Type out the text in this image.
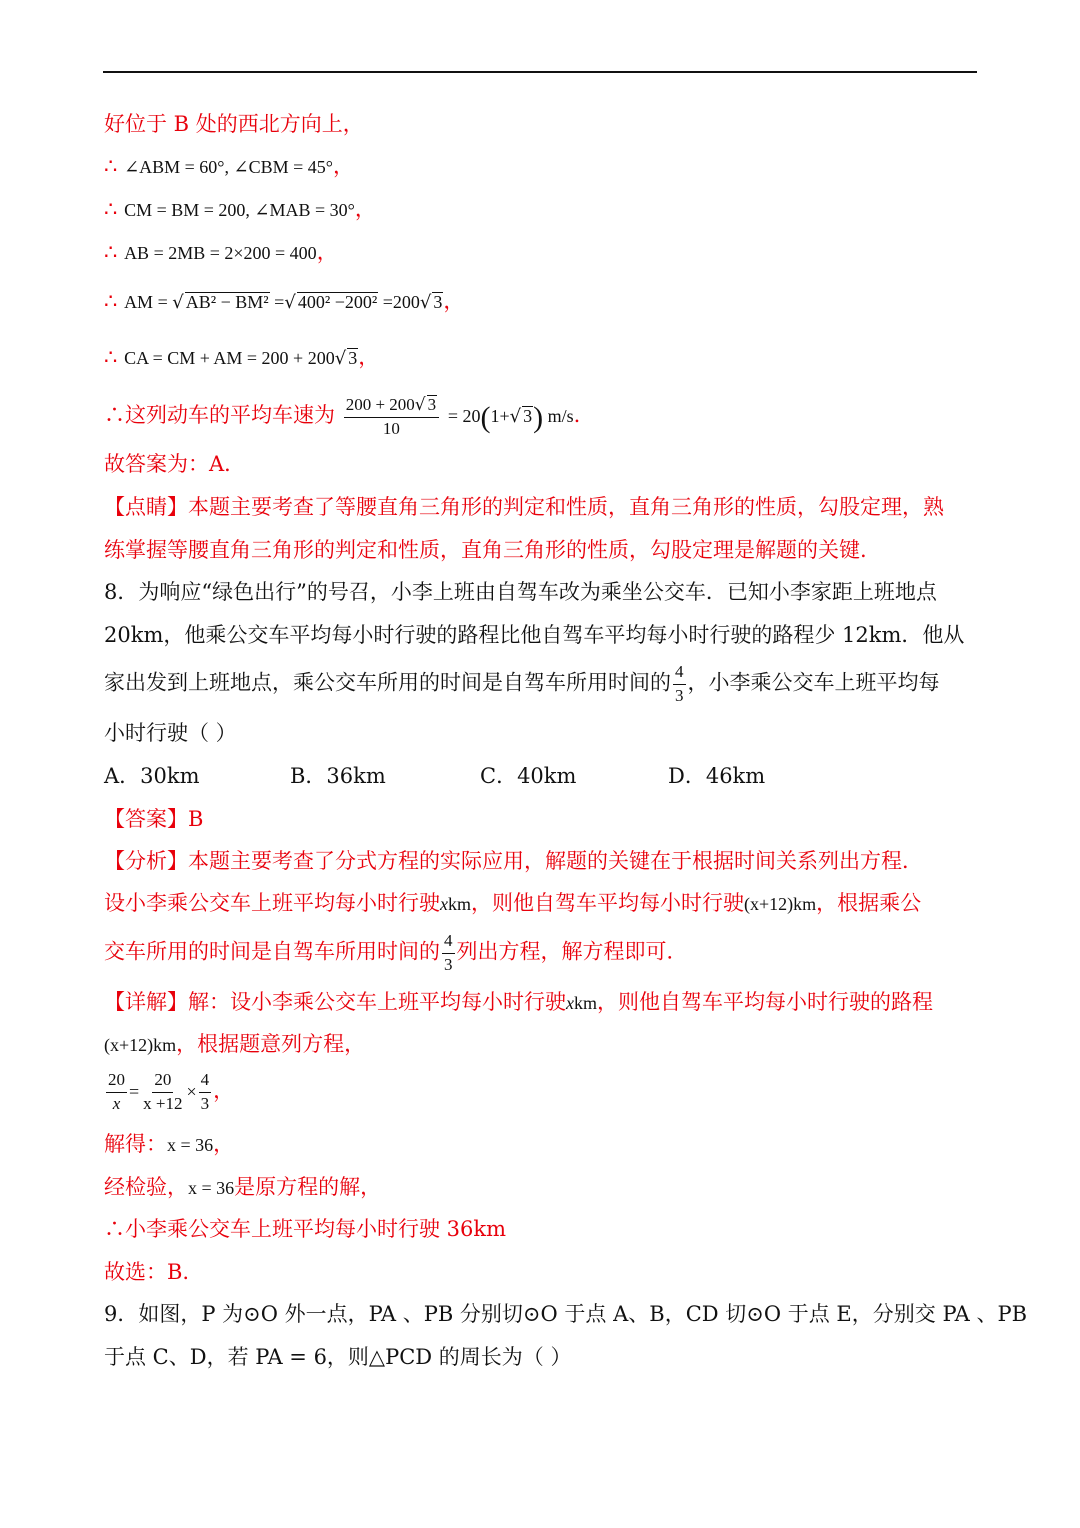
好位于 B 处的西北方向上，
∴ ∠ABM = 60°, ∠CBM = 45°，
∴ CM = BM = 200, ∠MAB = 30°，
∴ AB = 2MB = 2×200 = 400，
∴ AM = √ AB² − BM² =√ 400² −200² =200√ 3，
∴ CA = CM + AM = 200 + 200√ 3，
∴这列动车的平均车速为 $\frac{200 + 200√ 3}{10} = 20(1+√$ 3) m/s.
故答案为：A．
【点睛】本题主要考查了等腰直角三角形的判定和性质，直角三角形的性质，勾股定理，熟
练掌握等腰直角三角形的判定和性质，直角三角形的性质，勾股定理是解题的关键.
8．为响应“绿色出行”的号召，小李上班由自驾车改为乘坐公交车．已知小李家距上班地点
20km，他乘公交车平均每小时行驶的路程比他自驾车平均每小时行驶的路程少 12km．他从
家出发到上班地点，乘公交车所用的时间是自驾车所用时间的 $\frac{4}{3}$ ，小李乘公交车上班平均每
小时行驶（ ）
A．30km	B．36km	C．40km	D．46km
【答案】B
【分析】本题主要考查了分式方程的实际应用，解题的关键在于根据时间关系列出方程．
设小李乘公交车上班平均每小时行驶xkm，则他自驾车平均每小时行驶(x+12)km，根据乘公
交车所用的时间是自驾车所用时间的 $\frac{4}{3}$ 列出方程，解方程即可．
【详解】解：设小李乘公交车上班平均每小时行驶xkm，则他自驾车平均每小时行驶的路程
(x+12)km，根据题意列方程，
$\frac{20}{x} = \frac{20}{x +12} \times \frac{4}{3}$ ，
解得：x = 36，
经检验，x = 36是原方程的解，
∴小李乘公交车上班平均每小时行驶 36km
故选：B.
9．如图，P 为⊙O 外一点，PA 、PB 分别切⊙O 于点 A、B，CD 切⊙O 于点 E，分别交 PA 、PB
于点 C、D，若 PA = 6，则△PCD 的周长为（ ）
